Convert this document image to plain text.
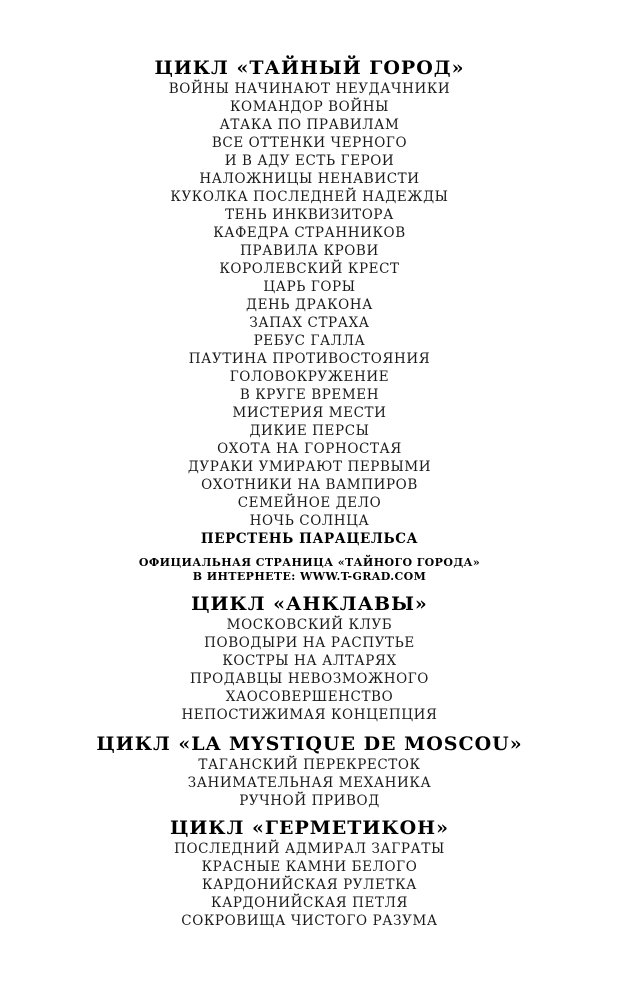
ЦИКЛ «ТАЙНЫЙ ГОРОД»
ВОЙНЫ НАЧИНАЮТ НЕУДАЧНИКИ
КОМАНДОР ВОЙНЫ
АТАКА ПО ПРАВИЛАМ
ВСЕ ОТТЕНКИ ЧЕРНОГО
И В АДУ ЕСТЬ ГЕРОИ
НАЛОЖНИЦЫ НЕНАВИСТИ
КУКОЛКА ПОСЛЕДНЕЙ НАДЕЖДЫ
ТЕНЬ ИНКВИЗИТОРА
КАФЕДРА СТРАННИКОВ
ПРАВИЛА КРОВИ
КОРОЛЕВСКИЙ КРЕСТ
ЦАРЬ ГОРЫ
ДЕНЬ ДРАКОНА
ЗАПАХ СТРАХА
РЕБУС ГАЛЛА
ПАУТИНА ПРОТИВОСТОЯНИЯ
ГОЛОВОКРУЖЕНИЕ
В КРУГЕ ВРЕМЕН
МИСТЕРИЯ МЕСТИ
ДИКИЕ ПЕРСЫ
ОХОТА НА ГОРНОСТАЯ
ДУРАКИ УМИРАЮТ ПЕРВЫМИ
ОХОТНИКИ НА ВАМПИРОВ
СЕМЕЙНОЕ ДЕЛО
НОЧЬ СОЛНЦА
ПЕРСТЕНЬ ПАРАЦЕЛЬСА
ОФИЦИАЛЬНАЯ СТРАНИЦА «ТАЙНОГО ГОРОДА»
В ИНТЕРНЕТЕ: WWW.T-GRAD.COM
ЦИКЛ «АНКЛАВЫ»
МОСКОВСКИЙ КЛУБ
ПОВОДЫРИ НА РАСПУТЬЕ
КОСТРЫ НА АЛТАРЯХ
ПРОДАВЦЫ НЕВОЗМОЖНОГО
ХАОСОВЕРШЕНСТВО
НЕПОСТИЖИМАЯ КОНЦЕПЦИЯ
ЦИКЛ «LA MYSTIQUE DE MOSCOU»
ТАГАНСКИЙ ПЕРЕКРЕСТОК
ЗАНИМАТЕЛЬНАЯ МЕХАНИКА
РУЧНОЙ ПРИВОД
ЦИКЛ «ГЕРМЕТИКОН»
ПОСЛЕДНИЙ АДМИРАЛ ЗАГРАТЫ
КРАСНЫЕ КАМНИ БЕЛОГО
КАРДОНИЙСКАЯ РУЛЕТКА
КАРДОНИЙСКАЯ ПЕТЛЯ
СОКРОВИЩА ЧИСТОГО РАЗУМА
